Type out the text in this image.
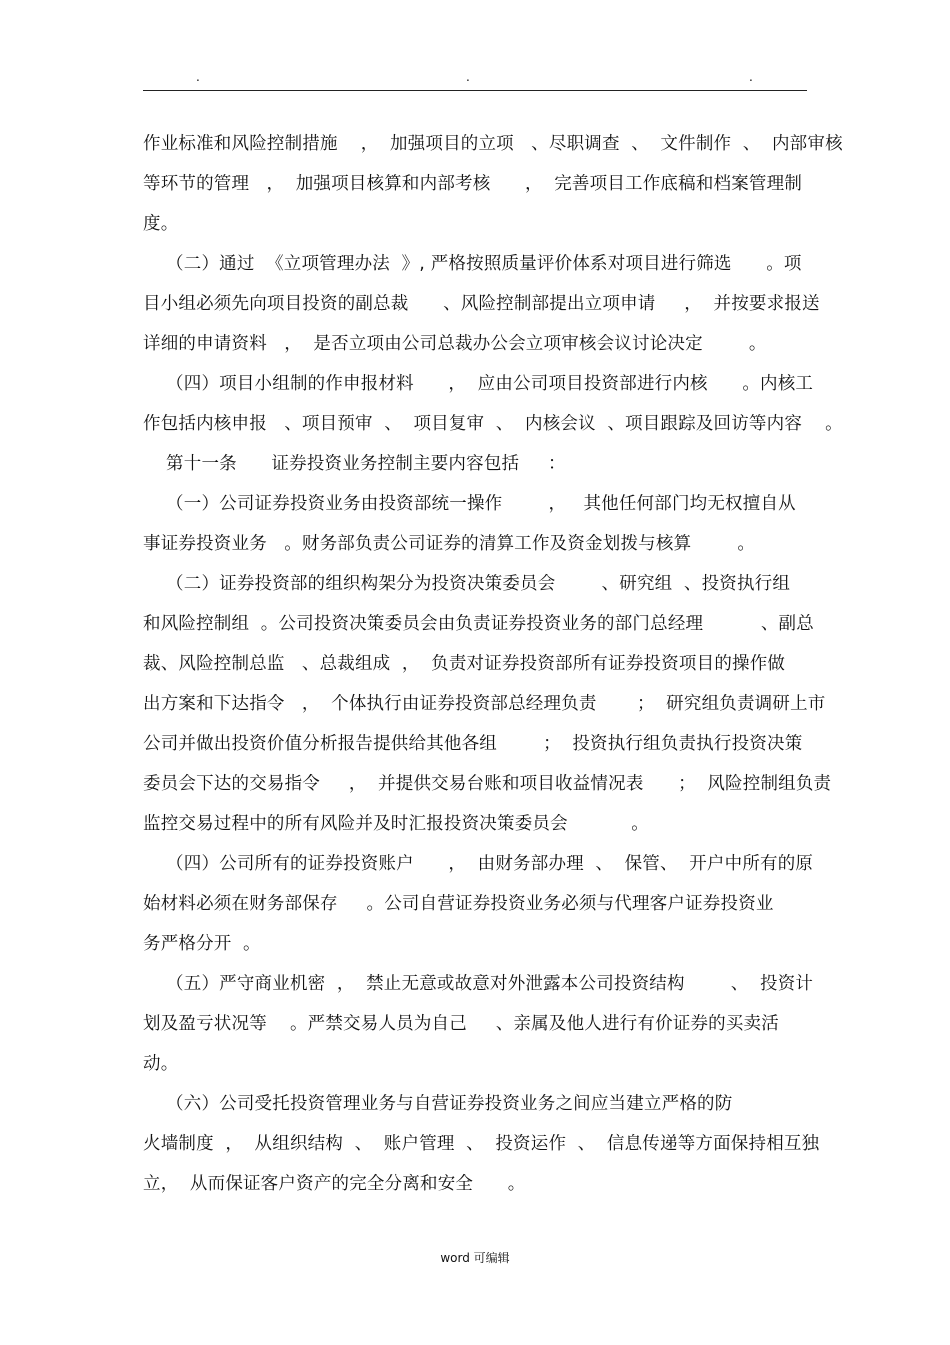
.	.	.
作业标准和风险控制措施    ，  加强项目的立项   、尽职调查  、  文件制作  、  内部审核
等环节的管理   ，  加强项目核算和内部考核      ，  完善项目工作底稿和档案管理制
度。
（二）通过  《立项管理办法  》, 严格按照质量评价体系对项目进行筛选      。项
目小组必须先向项目投资的副总裁      、风险控制部提出立项申请     ，  并按要求报送
详细的申请资料   ，  是否立项由公司总裁办公会立项审核会议讨论决定        。
（四）项目小组制的作申报材料      ，  应由公司项目投资部进行内核      。内核工
作包括内核申报   、项目预审  、  项目复审  、  内核会议  、项目跟踪及回访等内容    。
第十一条      证券投资业务控制主要内容包括     ：
（一）公司证券投资业务由投资部统一操作        ，   其他任何部门均无权擅自从
事证券投资业务   。财务部负责公司证券的清算工作及资金划拨与核算        。
（二）证券投资部的组织构架分为投资决策委员会        、研究组  、投资执行组
和风险控制组  。公司投资决策委员会由负责证券投资业务的部门总经理          、副总
裁、风险控制总监   、总裁组成  ，  负责对证券投资部所有证券投资项目的操作做
出方案和下达指令   ，  个体执行由证券投资部总经理负责       ；  研究组负责调研上市
公司并做出投资价值分析报告提供给其他各组        ；  投资执行组负责执行投资决策
委员会下达的交易指令     ，  并提供交易台账和项目收益情况表      ；  风险控制组负责
监控交易过程中的所有风险并及时汇报投资决策委员会           。
（四）公司所有的证券投资账户      ，  由财务部办理  、  保管、  开户中所有的原
始材料必须在财务部保存     。公司自营证券投资业务必须与代理客户证券投资业
务严格分开  。
（五）严守商业机密  ，  禁止无意或故意对外泄露本公司投资结构        、  投资计
划及盈亏状况等    。严禁交易人员为自己     、亲属及他人进行有价证券的买卖活
动。
（六）公司受托投资管理业务与自营证券投资业务之间应当建立严格的防
火墙制度  ，  从组织结构  、  账户管理  、  投资运作  、  信息传递等方面保持相互独
立，  从而保证客户资产的完全分离和安全      。
word 可编辑
